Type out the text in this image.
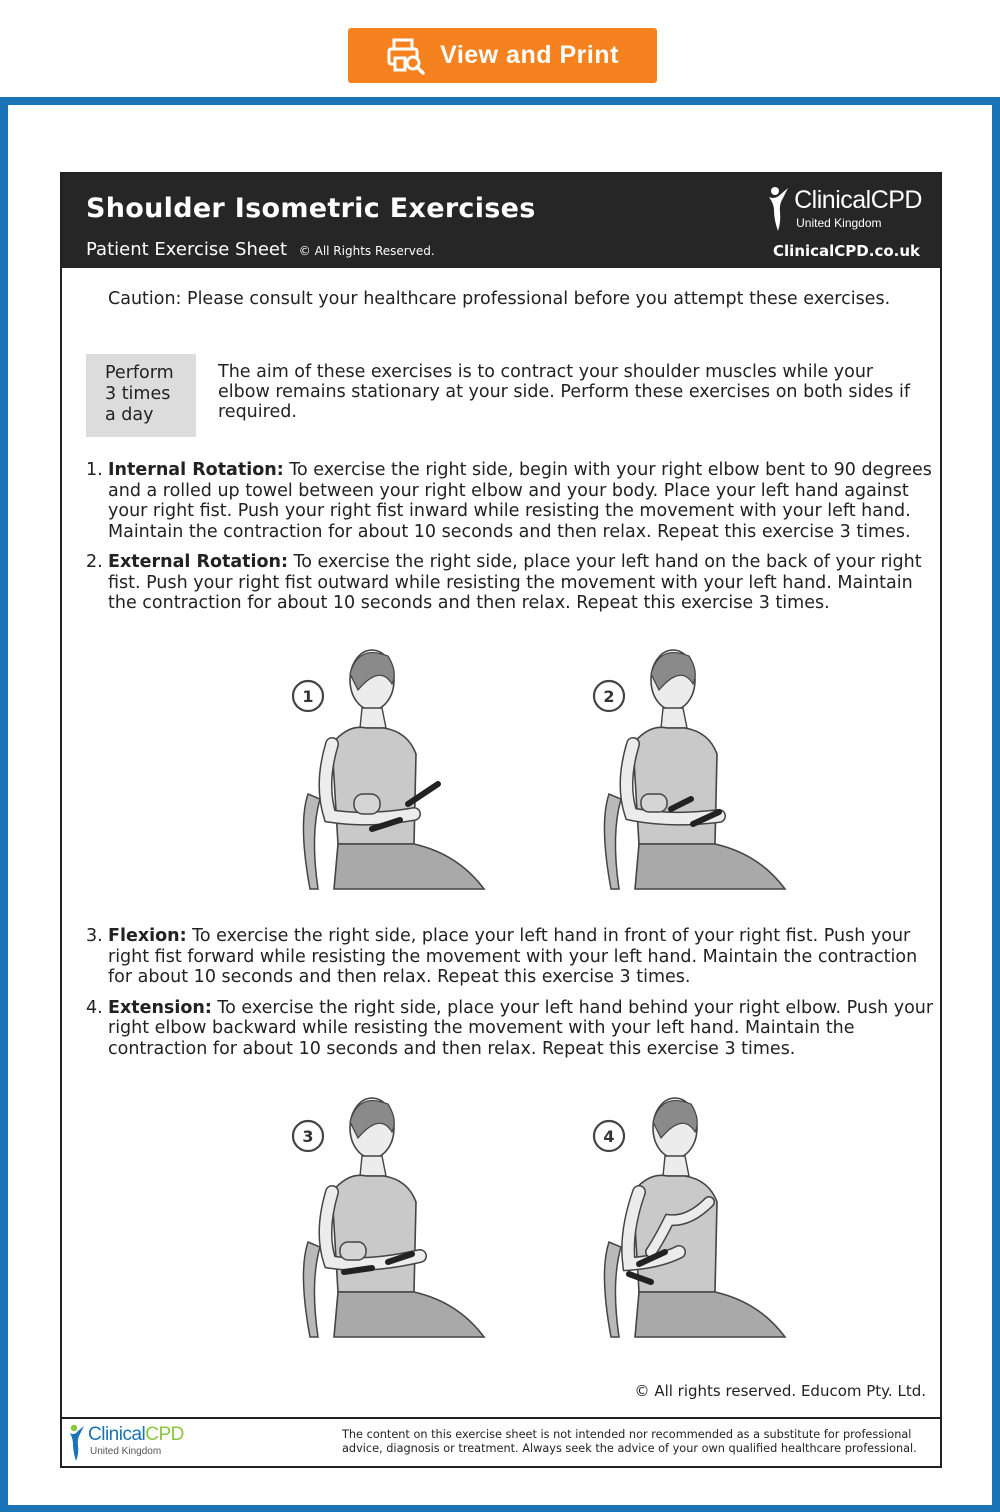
View and Print
Shoulder Isometric Exercises
Patient Exercise Sheet © All Rights Reserved.
ClinicalCPD
United Kingdom
ClinicalCPD.co.uk
Caution: Please consult your healthcare professional before you attempt these exercises.
Perform
3 times
a day
The aim of these exercises is to contract your shoulder muscles while your elbow remains stationary at your side. Perform these exercises on both sides if required.
1. Internal Rotation: To exercise the right side, begin with your right elbow bent to 90 degrees and a rolled up towel between your right elbow and your body. Place your left hand against your right fist. Push your right fist inward while resisting the movement with your left hand. Maintain the contraction for about 10 seconds and then relax. Repeat this exercise 3 times.
2. External Rotation: To exercise the right side, place your left hand on the back of your right fist. Push your right fist outward while resisting the movement with your left hand. Maintain the contraction for about 10 seconds and then relax. Repeat this exercise 3 times.
3. Flexion: To exercise the right side, place your left hand in front of your right fist. Push your right fist forward while resisting the movement with your left hand. Maintain the contraction for about 10 seconds and then relax. Repeat this exercise 3 times.
4. Extension: To exercise the right side, place your left hand behind your right elbow. Push your right elbow backward while resisting the movement with your left hand. Maintain the contraction for about 10 seconds and then relax. Repeat this exercise 3 times.
1	2
3	4
© All rights reserved. Educom Pty. Ltd.
ClinicalCPD
United Kingdom
The content on this exercise sheet is not intended nor recommended as a substitute for professional advice, diagnosis or treatment. Always seek the advice of your own qualified healthcare professional.
